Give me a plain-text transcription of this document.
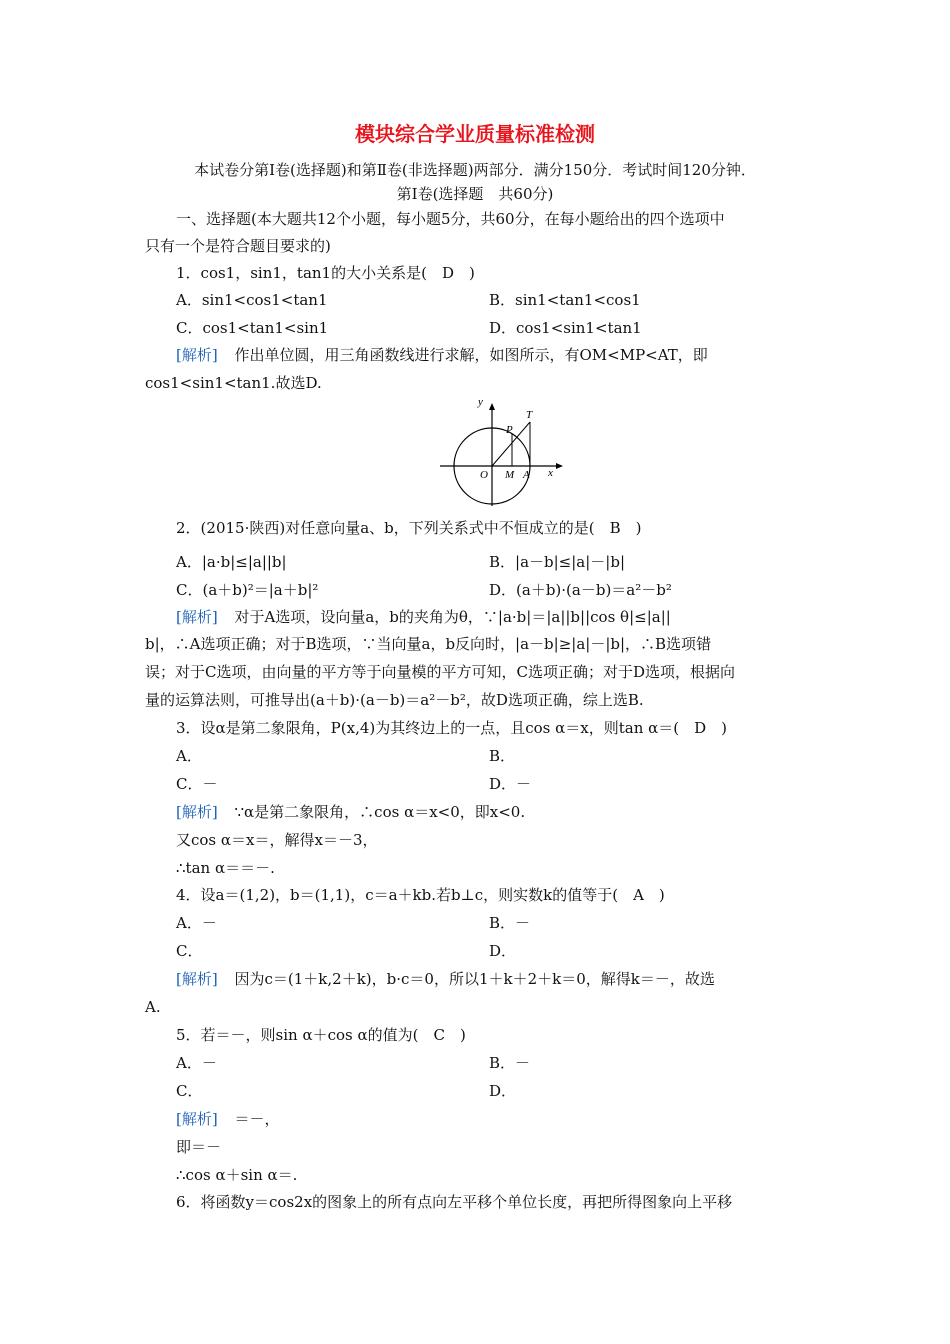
模块综合学业质量标准检测
本试卷分第Ⅰ卷(选择题)和第Ⅱ卷(非选择题)两部分．满分150分．考试时间120分钟．
第Ⅰ卷(选择题　共60分)
一、选择题(本大题共12个小题，每小题5分，共60分，在每小题给出的四个选项中
只有一个是符合题目要求的)
1．cos1，sin1，tan1的大小关系是(　D　)
A．sin1<cos1<tan1	B．sin1<tan1<cos1
C．cos1<tan1<sin1	D．cos1<sin1<tan1
[解析] 作出单位圆，用三角函数线进行求解，如图所示，有OM<MP<AT，即
cos1<sin1<tan1.故选D.
y
x
O M A
P
T
2．(2015·陕西)对任意向量a、b，下列关系式中不恒成立的是(　B　)
A．|a·b|≤|a||b|	B．|a－b|≤|a|－|b|
C．(a＋b)²＝|a＋b|²	D．(a＋b)·(a－b)＝a²－b²
[解析] 对于A选项，设向量a，b的夹角为θ，∵|a·b|＝|a||b||cos θ|≤|a||
b|，∴A选项正确；对于B选项，∵当向量a，b反向时，|a－b|≥|a|－|b|，∴B选项错
误；对于C选项，由向量的平方等于向量模的平方可知，C选项正确；对于D选项，根据向
量的运算法则，可推导出(a＋b)·(a－b)＝a²－b²，故D选项正确，综上选B.
3．设α是第二象限角，P(x,4)为其终边上的一点，且cos α＝x，则tan α＝(　D　)
A．	B．
C．－	D．－
[解析] ∵α是第二象限角，∴cos α＝x<0，即x<0.
又cos α＝x＝，解得x＝－3，
∴tan α＝＝－.
4．设a＝(1,2)，b＝(1,1)，c＝a＋kb.若b⊥c，则实数k的值等于(　A　)
A．－	B．－
C．	D．
[解析] 因为c＝(1＋k,2＋k)，b·c＝0，所以1＋k＋2＋k＝0，解得k＝－，故选
A.
5．若＝－，则sin α＋cos α的值为(　C　)
A．－	B．－
C．	D．
[解析] ＝－，
即＝－
∴cos α＋sin α＝.
6．将函数y＝cos2x的图象上的所有点向左平移个单位长度，再把所得图象向上平移
